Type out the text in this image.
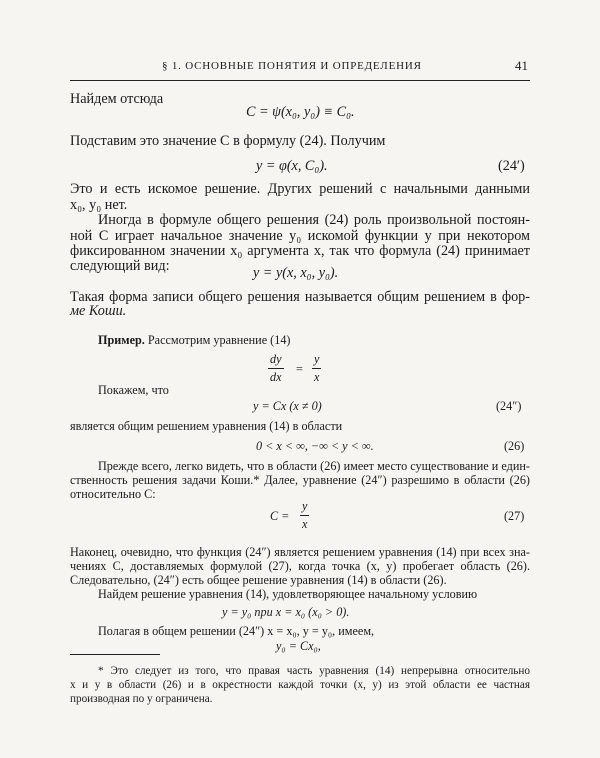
§ 1. ОСНОВНЫЕ ПОНЯТИЯ И ОПРЕДЕЛЕНИЯ	41
Найдем отсюда
C = ψ(x₀, y₀) ≡ C₀.
Подставим это значение C в формулу (24). Получим
y = φ(x, C₀).	(24′)
Это и есть искомое решение. Других решений с начальными данными
x₀, y₀ нет.
Иногда в формуле общего решения (24) роль произвольной постоян-
ной C играет начальное значение y₀ искомой функции y при некотором
фиксированном значении x₀ аргумента x, так что формула (24) принимает
следующий вид:	y = y(x, x₀, y₀).
Такая форма записи общего решения называется общим решением в фор-
ме Коши.
Пример. Рассмотрим уравнение (14)
$\frac{dy}{dx} = \frac{y}{x}$
Покажем, что
y = Cx (x ≠ 0)	(24″)
является общим решением уравнения (14) в области
0 < x < ∞, −∞ < y < ∞.	(26)
Прежде всего, легко видеть, что в области (26) имеет место существование и един-
ственность решения задачи Коши.* Далее, уравнение (24″) разрешимо в области (26)
относительно C:
$C = \frac{y}{x}$	(27)
Наконец, очевидно, что функция (24″) является решением уравнения (14) при всех зна-
чениях C, доставляемых формулой (27), когда точка (x, y) пробегает область (26).
Следовательно, (24″) есть общее решение уравнения (14) в области (26).
Найдем решение уравнения (14), удовлетворяющее начальному условию
y = y₀ при x = x₀ (x₀ > 0).
Полагая в общем решении (24″) x = x₀, y = y₀, имеем,
y₀ = Cx₀,
* Это следует из того, что правая часть уравнения (14) непрерывна относительно
x и y в области (26) и в окрестности каждой точки (x, y) из этой области ее частная
производная по y ограничена.
